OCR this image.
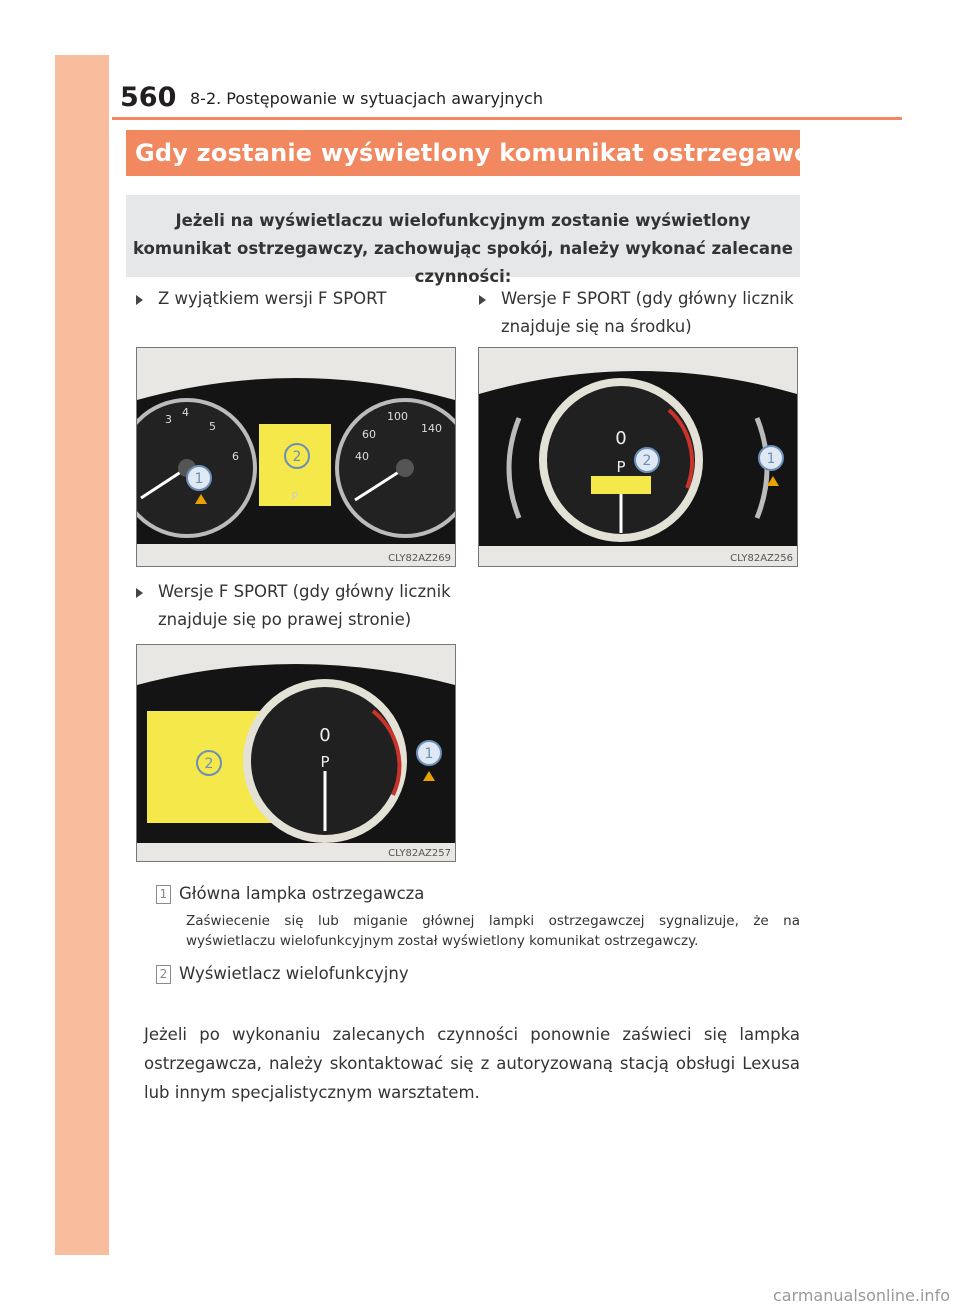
560 8-2. Postępowanie w sytuacjach awaryjnych
Gdy zostanie wyświetlony komunikat ostrzegawczy
Jeżeli na wyświetlaczu wielofunkcyjnym zostanie wyświetlony komunikat ostrzegawczy, zachowując spokój, należy wykonać zalecane czynności:
Z wyjątkiem wersji F SPORT
3
4
5
6
100
60
40
140
2
P
1
CLY82AZ269
Wersje F SPORT (gdy główny licznik znajduje się na środku)
0
P 2	1
CLY82AZ256
Wersje F SPORT (gdy główny licznik znajduje się po prawej stronie)
0
P
2
1
CLY82AZ257
1 Główna lampka ostrzegawcza
Zaświecenie się lub miganie głównej lampki ostrzegawczej sygnalizuje, że na wyświetlaczu wielofunkcyjnym został wyświetlony komunikat ostrzegawczy.
2 Wyświetlacz wielofunkcyjny
Jeżeli po wykonaniu zalecanych czynności ponownie zaświeci się lampka ostrzegawcza, należy skontaktować się z autoryzowaną stacją obsługi Lexusa lub innym specjalistycznym warsztatem.
carmanualsonline.info
